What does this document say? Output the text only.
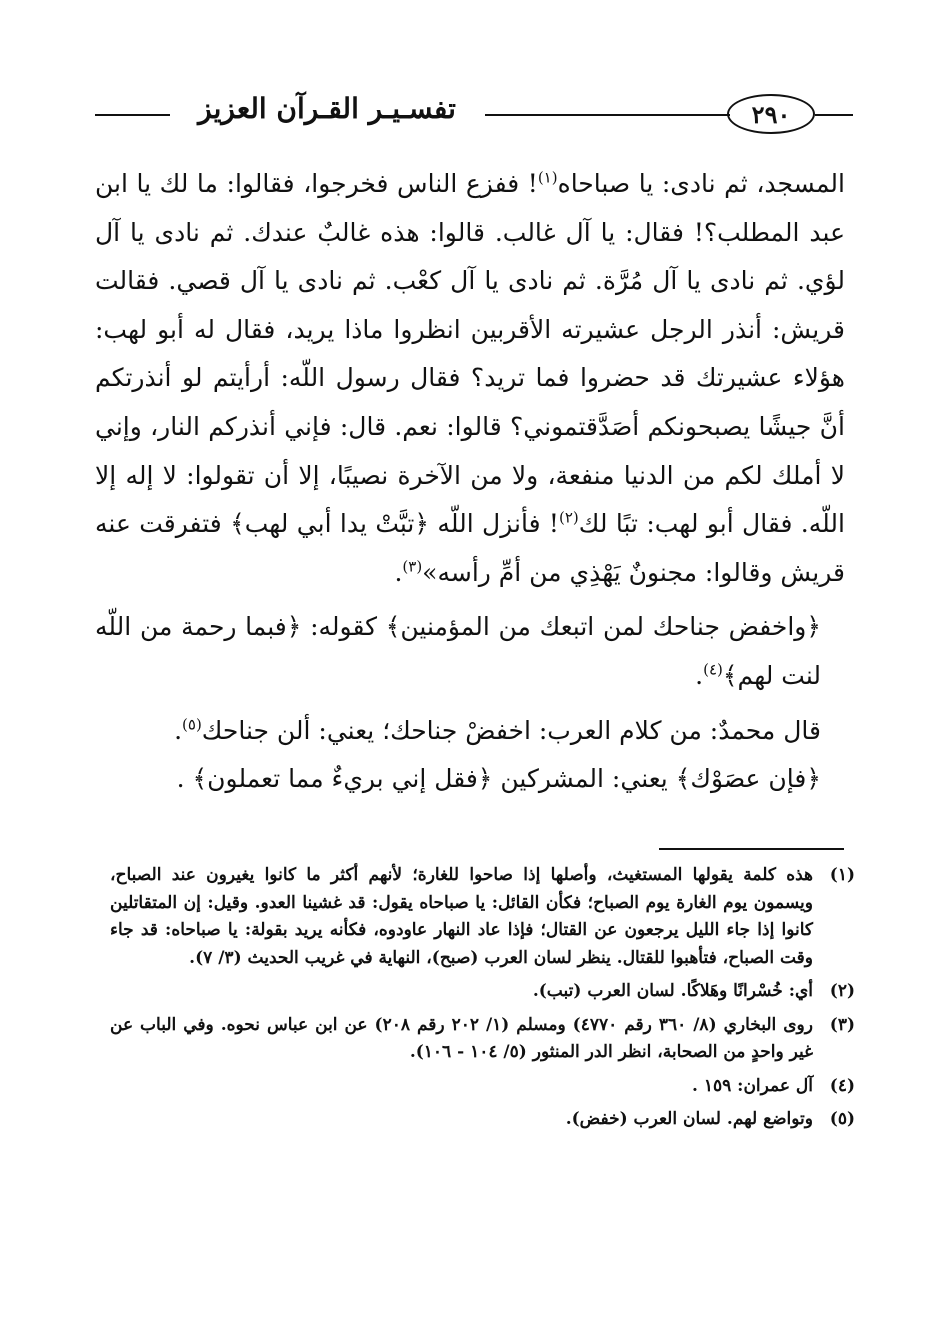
تفسـيـر القـرآن العزيز	٢٩٠

المسجد، ثم نادى: يا صباحاه$^{(١)}$! ففزع الناس فخرجوا، فقالوا: ما لك يا ابن عبد المطلب؟! فقال: يا آل غالب. قالوا: هذه غالبٌ عندك. ثم نادى يا آل لؤي. ثم نادى يا آل مُرَّة. ثم نادى يا آل كعْب. ثم نادى يا آل قصي. فقالت قريش: أنذر الرجل عشيرته الأقربين انظروا ماذا يريد، فقال له أبو لهب: هؤلاء عشيرتك قد حضروا فما تريد؟ فقال رسول اللّه: أرأيتم لو أنذرتكم أنَّ جيشًا يصبحونكم أصَدَّقتموني؟ قالوا: نعم. قال: فإني أنذركم النار، وإني لا أملك لكم من الدنيا منفعة، ولا من الآخرة نصيبًا، إلا أن تقولوا: لا إله إلا اللّه. فقال أبو لهب: تبًا لك$^{(٢)}$! فأنزل اللّه ﴿تبَّتْ يدا أبي لهب﴾ فتفرقت عنه قريش وقالوا: مجنونٌ يَهْذِي من أمِّ رأسه»$^{(٣)}$.

﴿واخفض جناحك لمن اتبعك من المؤمنين﴾ كقوله: ﴿فبما رحمة من اللّه لنت لهم﴾$^{(٤)}$.

قال محمدٌ: من كلام العرب: اخفضْ جناحك؛ يعني: ألن جناحك$^{(٥)}$.

﴿فإن عصَوْك﴾ يعني: المشركين ﴿فقل إني بريءٌ مما تعملون﴾ .

(١)
هذه كلمة يقولها المستغيث، وأصلها إذا صاحوا للغارة؛ لأنهم أكثر ما كانوا يغيرون عند الصباح، ويسمون يوم الغارة يوم الصباح؛ فكأن القائل: يا صباحاه يقول: قد غشينا العدو. وقيل: إن المتقاتلين كانوا إذا جاء الليل يرجعون عن القتال؛ فإذا عاد النهار عاودوه، فكأنه يريد بقولة: يا صباحاه: قد جاء وقت الصباح، فتأهبوا للقتال. ينظر لسان العرب (صبح)، النهاية في غريب الحديث (٣/ ٧).
(٢)
أي: خُسْرانًا وهَلاكًا. لسان العرب (تبب).
(٣)
روى البخاري (٨/ ٣٦٠ رقم ٤٧٧٠) ومسلم (١/ ٢٠٢ رقم ٢٠٨) عن ابن عباس نحوه. وفي الباب عن غير واحدٍ من الصحابة، انظر الدر المنثور (٥/ ١٠٤ - ١٠٦).
(٤)
آل عمران: ١٥٩ .
(٥)
وتواضع لهم. لسان العرب (خفض).
